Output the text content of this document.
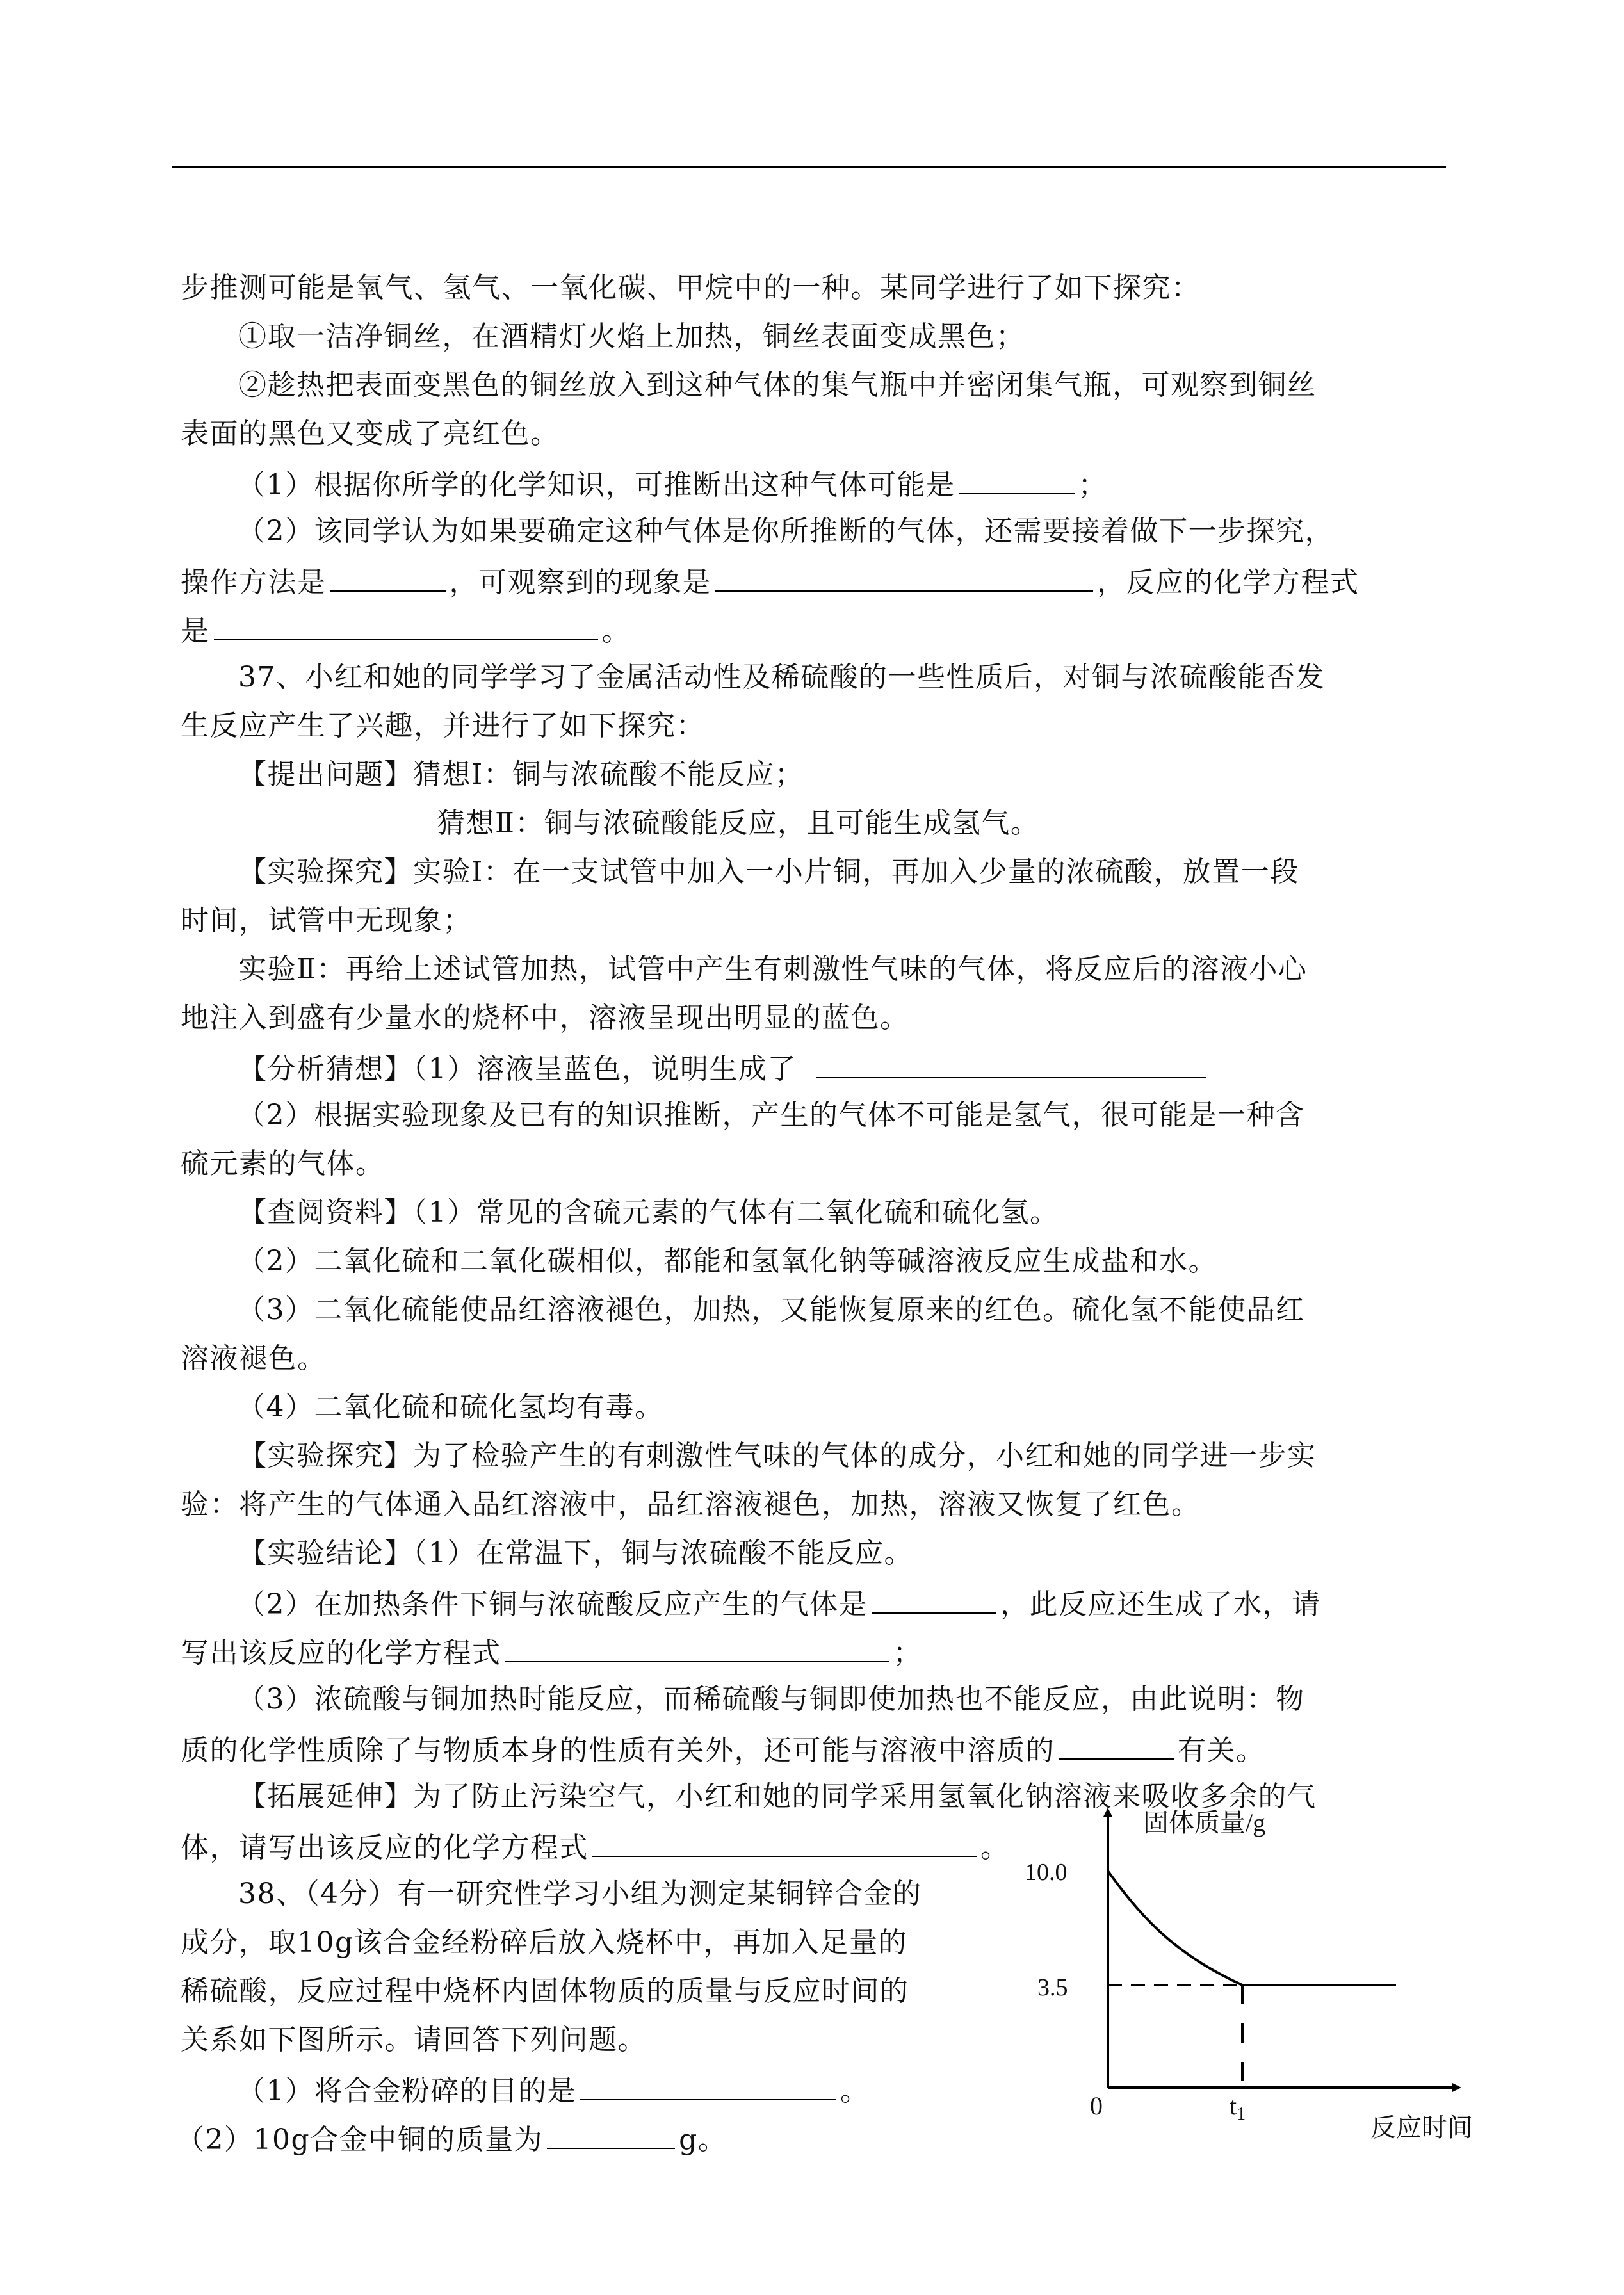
步推测可能是氧气、氢气、一氧化碳、甲烷中的一种。某同学进行了如下探究：
①取一洁净铜丝，在酒精灯火焰上加热，铜丝表面变成黑色；
②趁热把表面变黑色的铜丝放入到这种气体的集气瓶中并密闭集气瓶，可观察到铜丝
表面的黑色又变成了亮红色。
（1）根据你所学的化学知识，可推断出这种气体可能是	；
（2）该同学认为如果要确定这种气体是你所推断的气体，还需要接着做下一步探究，
操作方法是	，可观察到的现象是	，反应的化学方程式
是	。
37、小红和她的同学学习了金属活动性及稀硫酸的一些性质后，对铜与浓硫酸能否发
生反应产生了兴趣，并进行了如下探究：
【提出问题】猜想Ⅰ：铜与浓硫酸不能反应；
猜想Ⅱ：铜与浓硫酸能反应，且可能生成氢气。
【实验探究】实验Ⅰ：在一支试管中加入一小片铜，再加入少量的浓硫酸，放置一段
时间，试管中无现象；
实验Ⅱ：再给上述试管加热，试管中产生有刺激性气味的气体，将反应后的溶液小心
地注入到盛有少量水的烧杯中，溶液呈现出明显的蓝色。
【分析猜想】（1）溶液呈蓝色，说明生成了
（2）根据实验现象及已有的知识推断，产生的气体不可能是氢气，很可能是一种含
硫元素的气体。
【查阅资料】（1）常见的含硫元素的气体有二氧化硫和硫化氢。
（2）二氧化硫和二氧化碳相似，都能和氢氧化钠等碱溶液反应生成盐和水。
（3）二氧化硫能使品红溶液褪色，加热，又能恢复原来的红色。硫化氢不能使品红
溶液褪色。
（4）二氧化硫和硫化氢均有毒。
【实验探究】为了检验产生的有刺激性气味的气体的成分，小红和她的同学进一步实
验：将产生的气体通入品红溶液中，品红溶液褪色，加热，溶液又恢复了红色。
【实验结论】（1）在常温下，铜与浓硫酸不能反应。
（2）在加热条件下铜与浓硫酸反应产生的气体是	，此反应还生成了水，请
写出该反应的化学方程式	；
（3）浓硫酸与铜加热时能反应，而稀硫酸与铜即使加热也不能反应，由此说明：物
质的化学性质除了与物质本身的性质有关外，还可能与溶液中溶质的	有关。
【拓展延伸】为了防止污染空气，小红和她的同学采用氢氧化钠溶液来吸收多余的气
体，请写出该反应的化学方程式	。
38、（4分）有一研究性学习小组为测定某铜锌合金的
成分，取10g该合金经粉碎后放入烧杯中，再加入足量的
稀硫酸，反应过程中烧杯内固体物质的质量与反应时间的
关系如下图所示。请回答下列问题。
（1）将合金粉碎的目的是	。
（2）10g合金中铜的质量为	g。
固体质量/g
10.0
3.5
0	$t_1$	反应时间
